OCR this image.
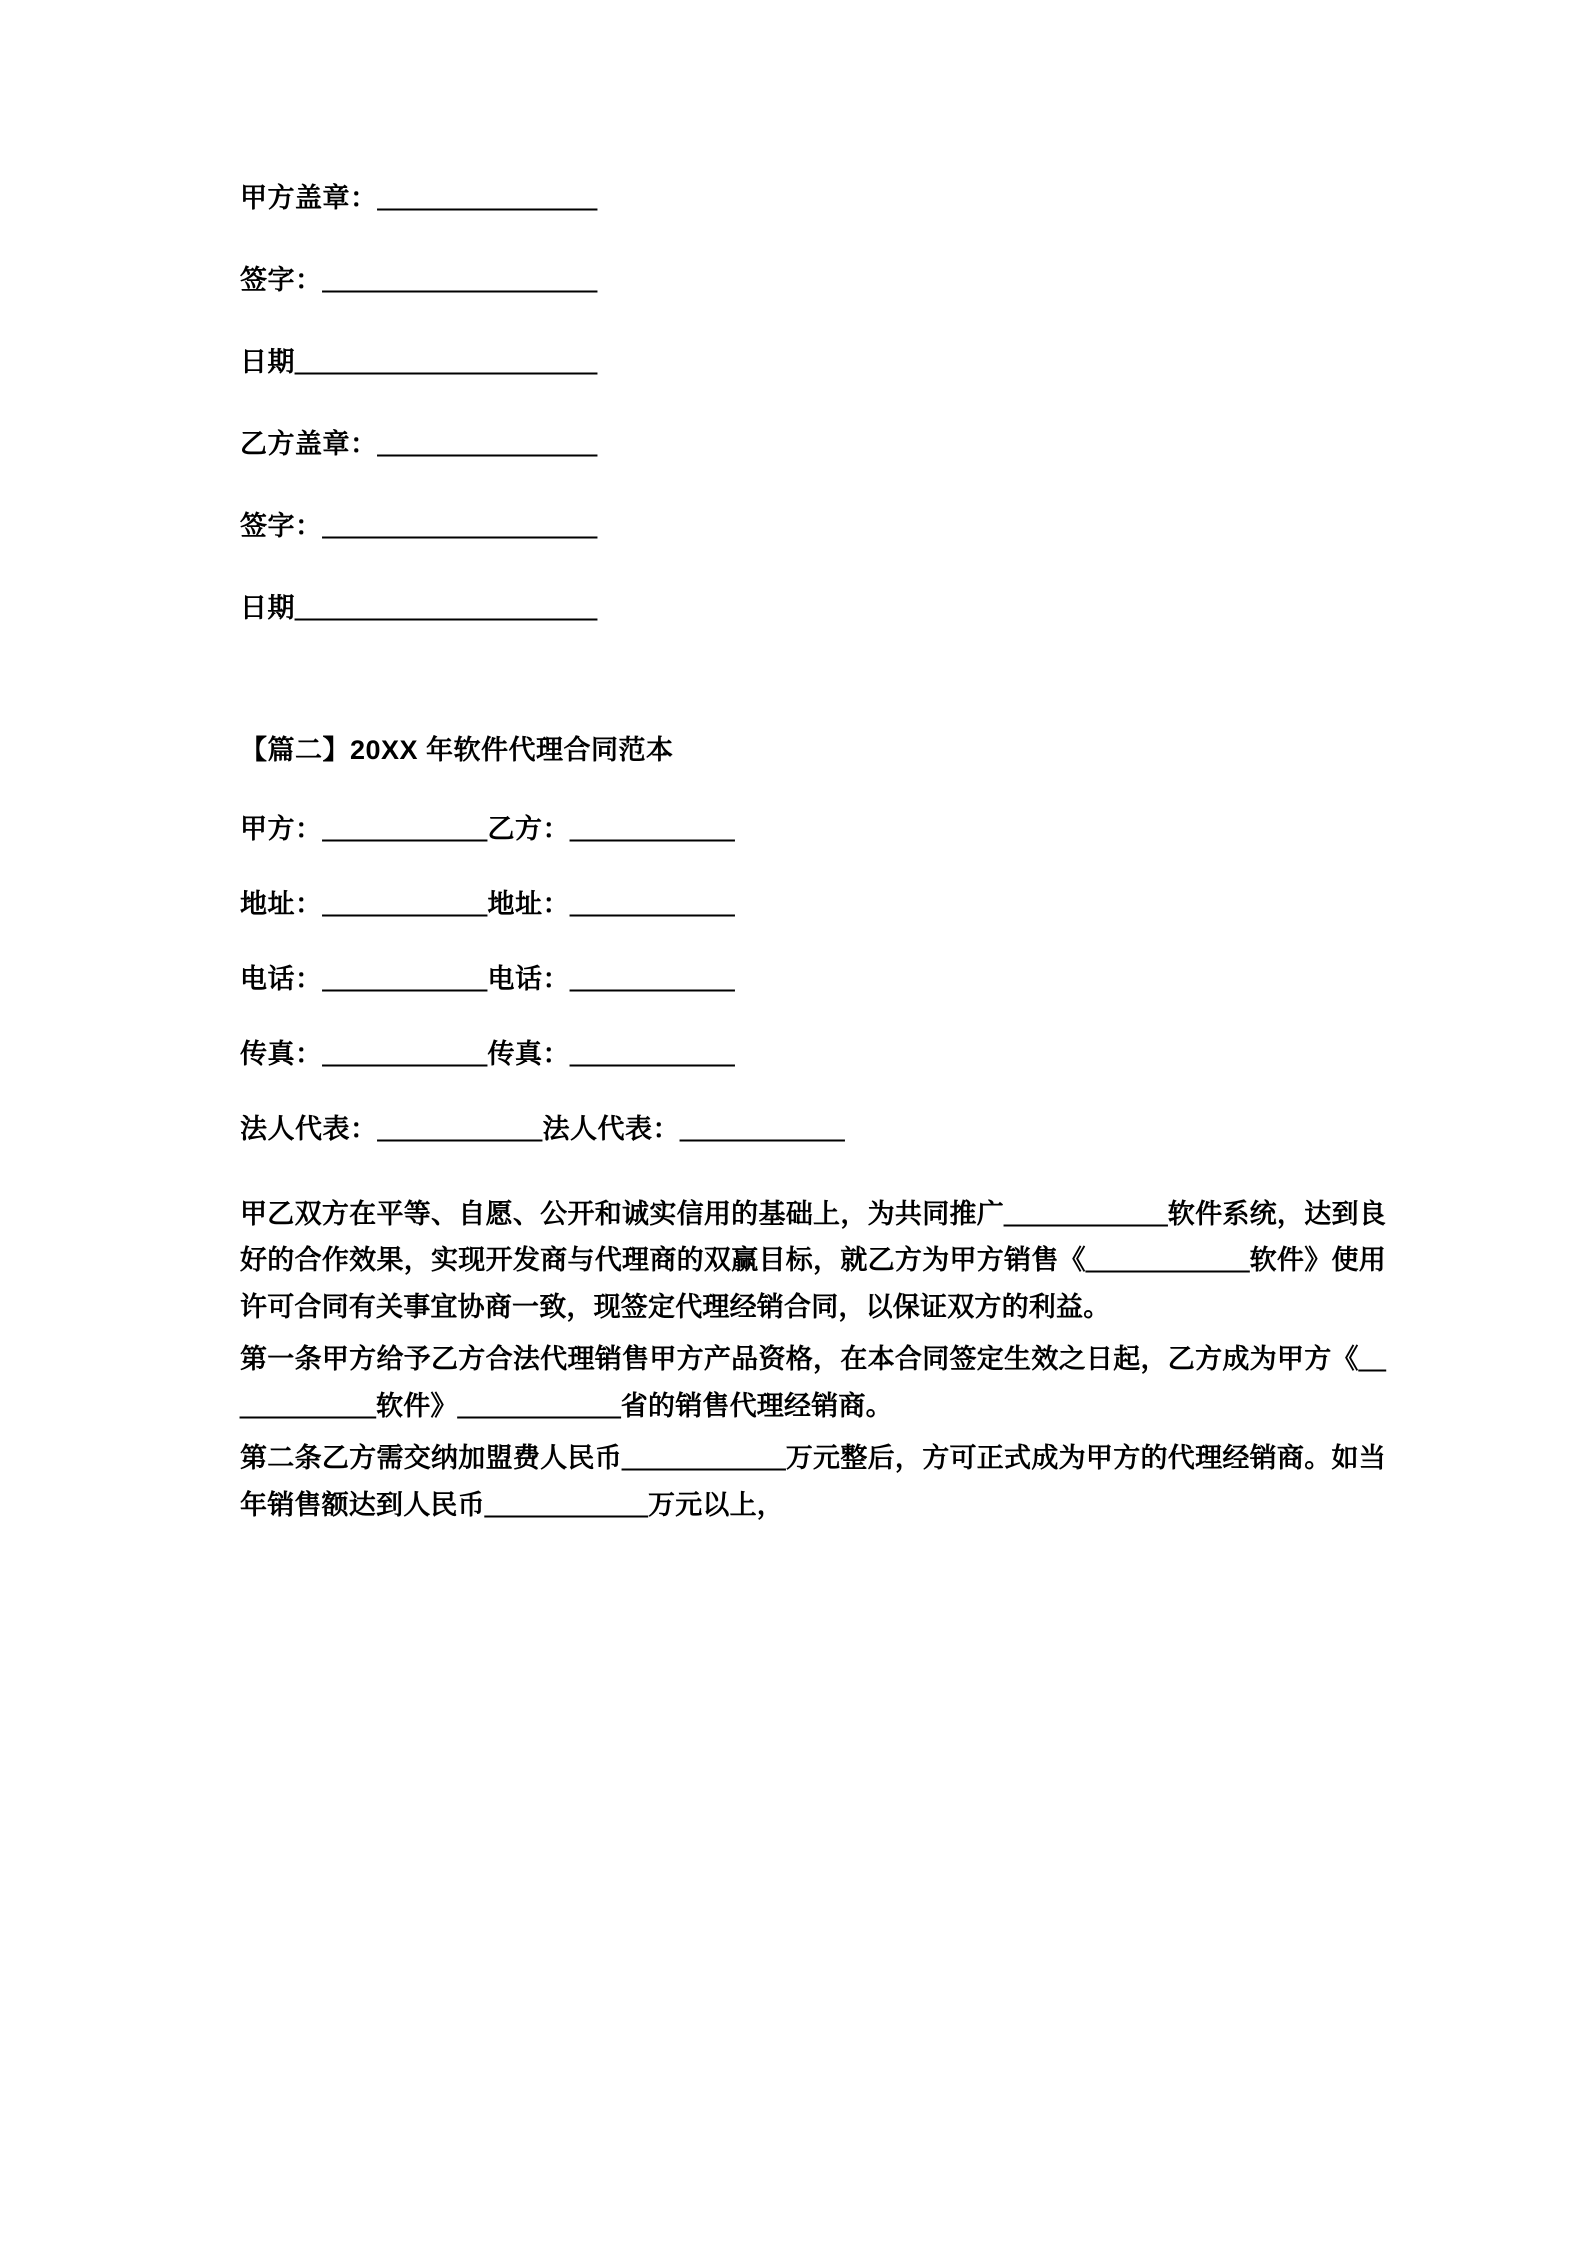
甲方盖章：＿＿＿＿＿＿＿＿

签字：＿＿＿＿＿＿＿＿＿＿

日期＿＿＿＿＿＿＿＿＿＿＿

乙方盖章：＿＿＿＿＿＿＿＿

签字：＿＿＿＿＿＿＿＿＿＿

日期＿＿＿＿＿＿＿＿＿＿＿

【篇二】20XX 年软件代理合同范本

甲方：＿＿＿＿＿＿乙方：＿＿＿＿＿＿

地址：＿＿＿＿＿＿地址：＿＿＿＿＿＿

电话：＿＿＿＿＿＿电话：＿＿＿＿＿＿

传真：＿＿＿＿＿＿传真：＿＿＿＿＿＿

法人代表：＿＿＿＿＿＿法人代表：＿＿＿＿＿＿

甲乙双方在平等、自愿、公开和诚实信用的基础上，为共同推广＿＿＿＿＿＿软件系统，达到良好的合作效果，实现开发商与代理商的双赢目标，就乙方为甲方销售《＿＿＿＿＿＿软件》使用许可合同有关事宜协商一致，现签定代理经销合同，以保证双方的利益。

第一条甲方给予乙方合法代理销售甲方产品资格，在本合同签定生效之日起，乙方成为甲方《＿＿＿＿＿＿软件》＿＿＿＿＿＿省的销售代理经销商。

第二条乙方需交纳加盟费人民币＿＿＿＿＿＿万元整后，方可正式成为甲方的代理经销商。如当年销售额达到人民币＿＿＿＿＿＿万元以上，
